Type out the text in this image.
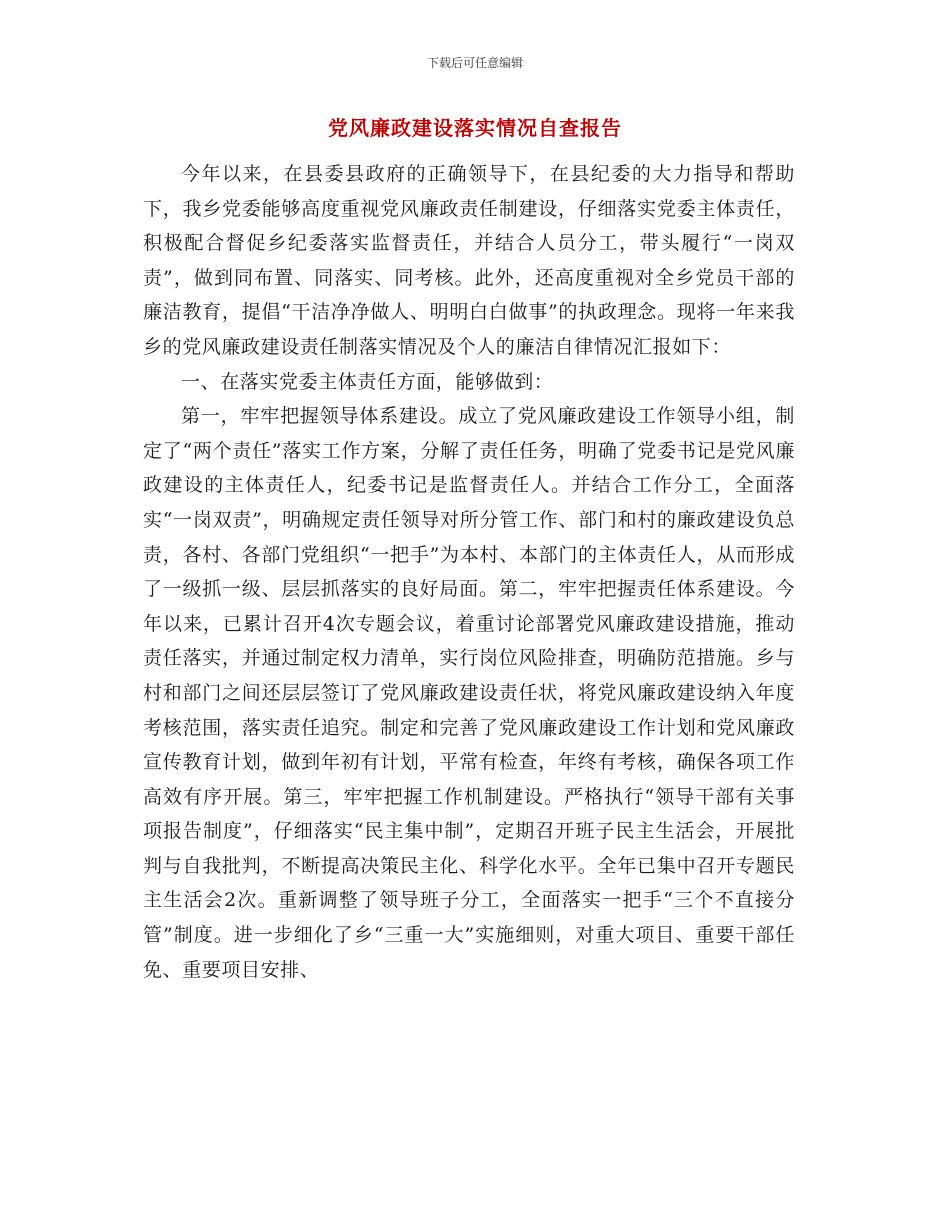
下载后可任意编辑
党风廉政建设落实情况自查报告

今年以来，在县委县政府的正确领导下，在县纪委的大力指导和帮助下，我乡党委能够高度重视党风廉政责任制建设，仔细落实党委主体责任，积极配合督促乡纪委落实监督责任，并结合人员分工，带头履行“一岗双责”，做到同布置、同落实、同考核。此外，还高度重视对全乡党员干部的廉洁教育，提倡“干洁净净做人、明明白白做事”的执政理念。现将一年来我乡的党风廉政建设责任制落实情况及个人的廉洁自律情况汇报如下：

一、在落实党委主体责任方面，能够做到：

第一，牢牢把握领导体系建设。成立了党风廉政建设工作领导小组，制定了“两个责任”落实工作方案，分解了责任任务，明确了党委书记是党风廉政建设的主体责任人，纪委书记是监督责任人。并结合工作分工，全面落实“一岗双责”，明确规定责任领导对所分管工作、部门和村的廉政建设负总责，各村、各部门党组织“一把手”为本村、本部门的主体责任人，从而形成了一级抓一级、层层抓落实的良好局面。第二，牢牢把握责任体系建设。今年以来，已累计召开4次专题会议，着重讨论部署党风廉政建设措施，推动责任落实，并通过制定权力清单，实行岗位风险排查，明确防范措施。乡与村和部门之间还层层签订了党风廉政建设责任状，将党风廉政建设纳入年度考核范围，落实责任追究。制定和完善了党风廉政建设工作计划和党风廉政宣传教育计划，做到年初有计划，平常有检查，年终有考核，确保各项工作高效有序开展。第三，牢牢把握工作机制建设。严格执行“领导干部有关事项报告制度”，仔细落实“民主集中制”，定期召开班子民主生活会，开展批判与自我批判，不断提高决策民主化、科学化水平。全年已集中召开专题民主生活会2次。重新调整了领导班子分工，全面落实一把手“三个不直接分管”制度。进一步细化了乡“三重一大”实施细则，对重大项目、重要干部任免、重要项目安排、
